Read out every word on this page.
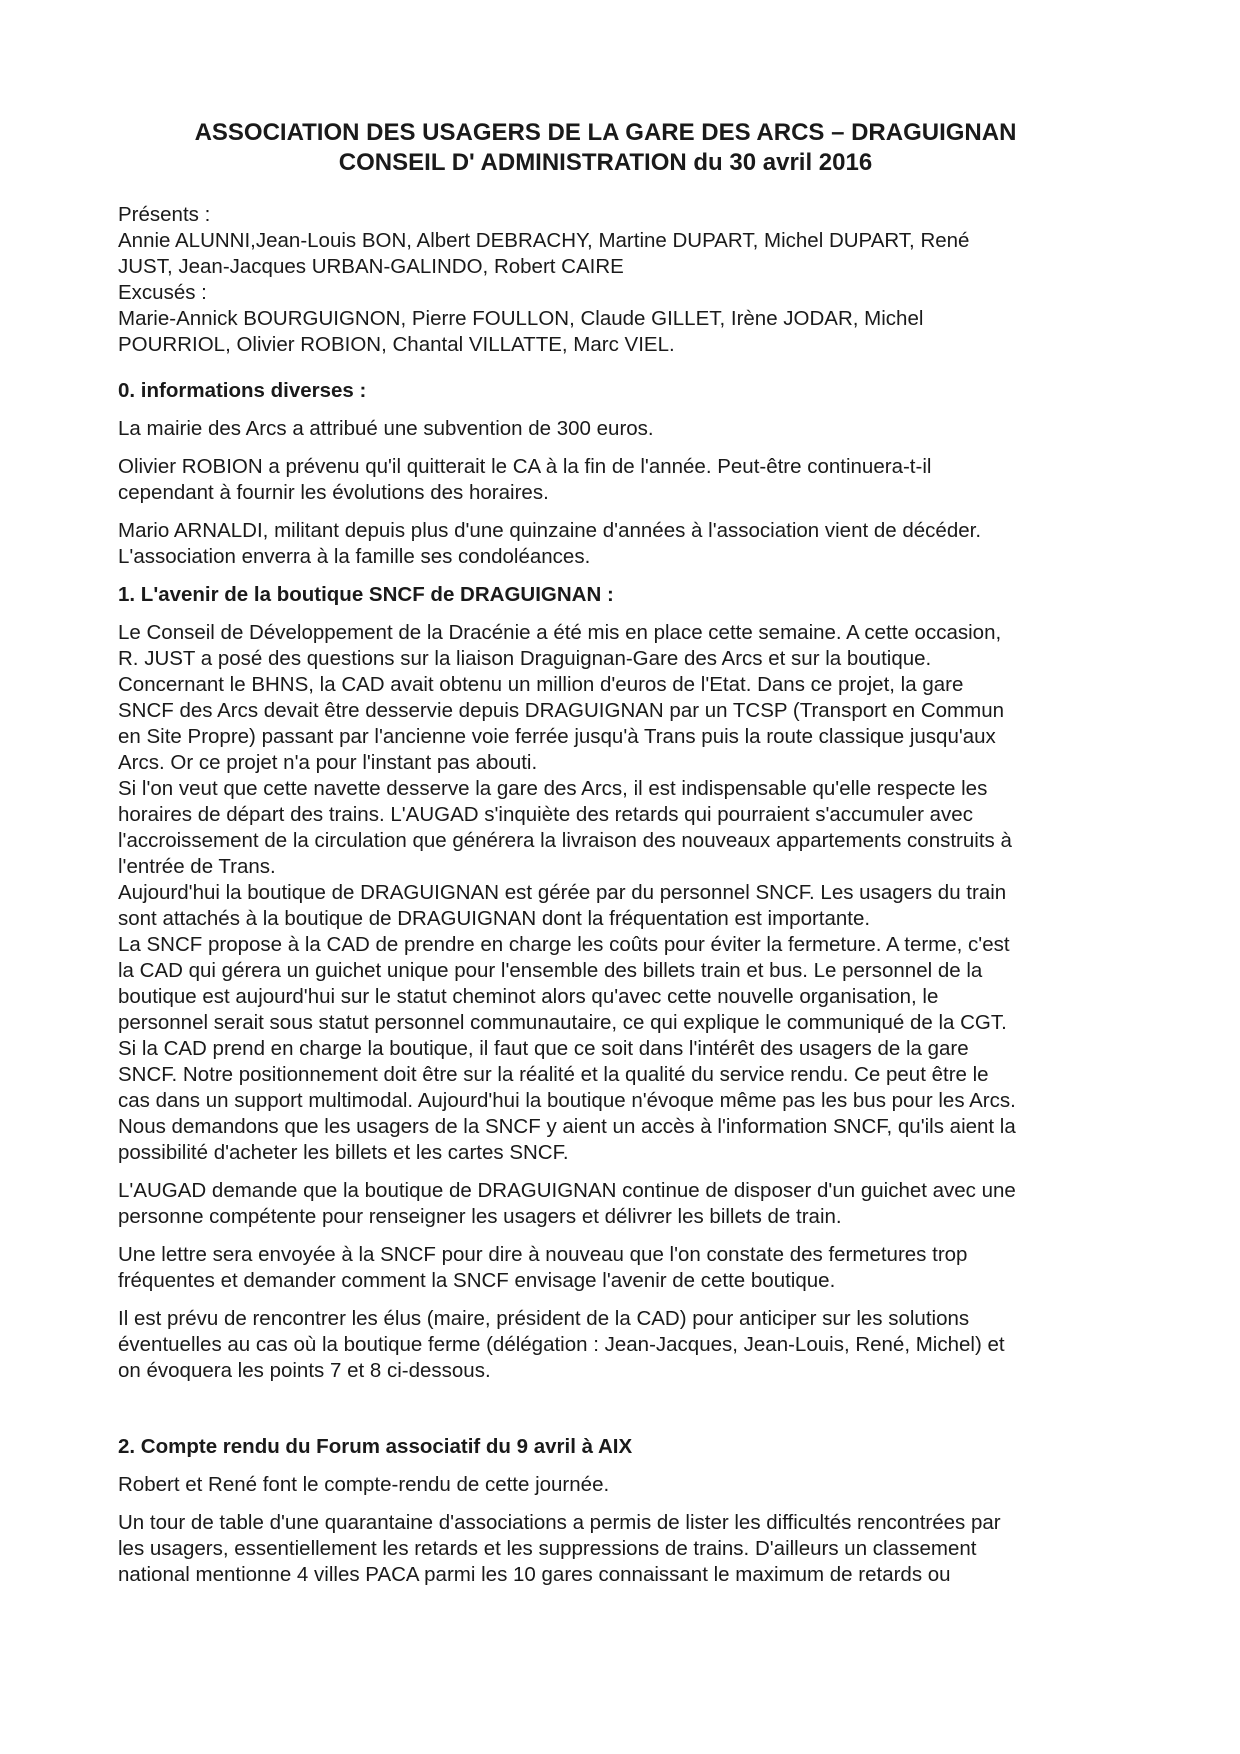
ASSOCIATION DES USAGERS DE LA GARE DES ARCS – DRAGUIGNAN
CONSEIL D' ADMINISTRATION du 30 avril 2016
Présents :
Annie ALUNNI,Jean-Louis BON, Albert DEBRACHY, Martine DUPART, Michel DUPART, René
JUST, Jean-Jacques URBAN-GALINDO, Robert CAIRE
Excusés :
Marie-Annick BOURGUIGNON, Pierre FOULLON, Claude GILLET, Irène JODAR, Michel
POURRIOL, Olivier ROBION, Chantal VILLATTE, Marc VIEL.
0. informations diverses :
La mairie des Arcs a attribué une subvention de 300 euros.
Olivier ROBION a prévenu qu'il quitterait le CA à la fin de l'année. Peut-être continuera-t-il
cependant à fournir les évolutions des horaires.
Mario ARNALDI, militant depuis plus d'une quinzaine d'années à l'association vient de décéder.
L'association enverra à la famille ses condoléances.
1. L'avenir de la boutique SNCF de DRAGUIGNAN :
Le Conseil de Développement de la Dracénie a été mis en place cette semaine. A cette occasion,
R. JUST a posé des questions sur la liaison Draguignan-Gare des Arcs et sur la boutique.
Concernant le BHNS, la CAD avait obtenu un million d'euros de l'Etat. Dans ce projet, la gare
SNCF des Arcs devait être desservie depuis DRAGUIGNAN par un TCSP (Transport en Commun
en Site Propre) passant par l'ancienne voie ferrée jusqu'à Trans puis la route classique jusqu'aux
Arcs. Or ce projet n'a pour l'instant pas abouti.
Si l'on veut que cette navette desserve la gare des Arcs, il est indispensable qu'elle respecte les
horaires de départ des trains. L'AUGAD s'inquiète des retards qui pourraient s'accumuler avec
l'accroissement de la circulation que générera la livraison des nouveaux appartements construits à
l'entrée de Trans.
Aujourd'hui la boutique de DRAGUIGNAN est gérée par du personnel SNCF. Les usagers du train
sont attachés à la boutique de DRAGUIGNAN dont la fréquentation est importante.
La SNCF propose à la CAD de prendre en charge les coûts pour éviter la fermeture. A terme, c'est
la CAD qui gérera un guichet unique pour l'ensemble des billets train et bus. Le personnel de la
boutique est aujourd'hui sur le statut cheminot alors qu'avec cette nouvelle organisation, le
personnel serait sous statut personnel communautaire, ce qui explique le communiqué de la CGT.
Si la CAD prend en charge la boutique, il faut que ce soit dans l'intérêt des usagers de la gare
SNCF. Notre positionnement doit être sur la réalité et la qualité du service rendu. Ce peut être le
cas dans un support multimodal. Aujourd'hui la boutique n'évoque même pas les bus pour les Arcs.
Nous demandons que les usagers de la SNCF y aient un accès à l'information SNCF, qu'ils aient la
possibilité d'acheter les billets et les cartes SNCF.
L'AUGAD demande que la boutique de DRAGUIGNAN continue de disposer d'un guichet avec une
personne compétente pour renseigner les usagers et délivrer les billets de train.
Une lettre sera envoyée à la SNCF pour dire à nouveau que l'on constate des fermetures trop
fréquentes et demander comment la SNCF envisage l'avenir de cette boutique.
Il est prévu de rencontrer les élus (maire, président de la CAD) pour anticiper sur les solutions
éventuelles au cas où la boutique ferme (délégation : Jean-Jacques, Jean-Louis, René, Michel) et
on évoquera les points 7 et 8 ci-dessous.
2. Compte rendu du Forum associatif du 9 avril à AIX
Robert et René font le compte-rendu de cette journée.
Un tour de table d'une quarantaine d'associations a permis de lister les difficultés rencontrées par
les usagers, essentiellement les retards et les suppressions de trains. D'ailleurs un classement
national mentionne 4 villes PACA parmi les 10 gares connaissant le maximum de retards ou
